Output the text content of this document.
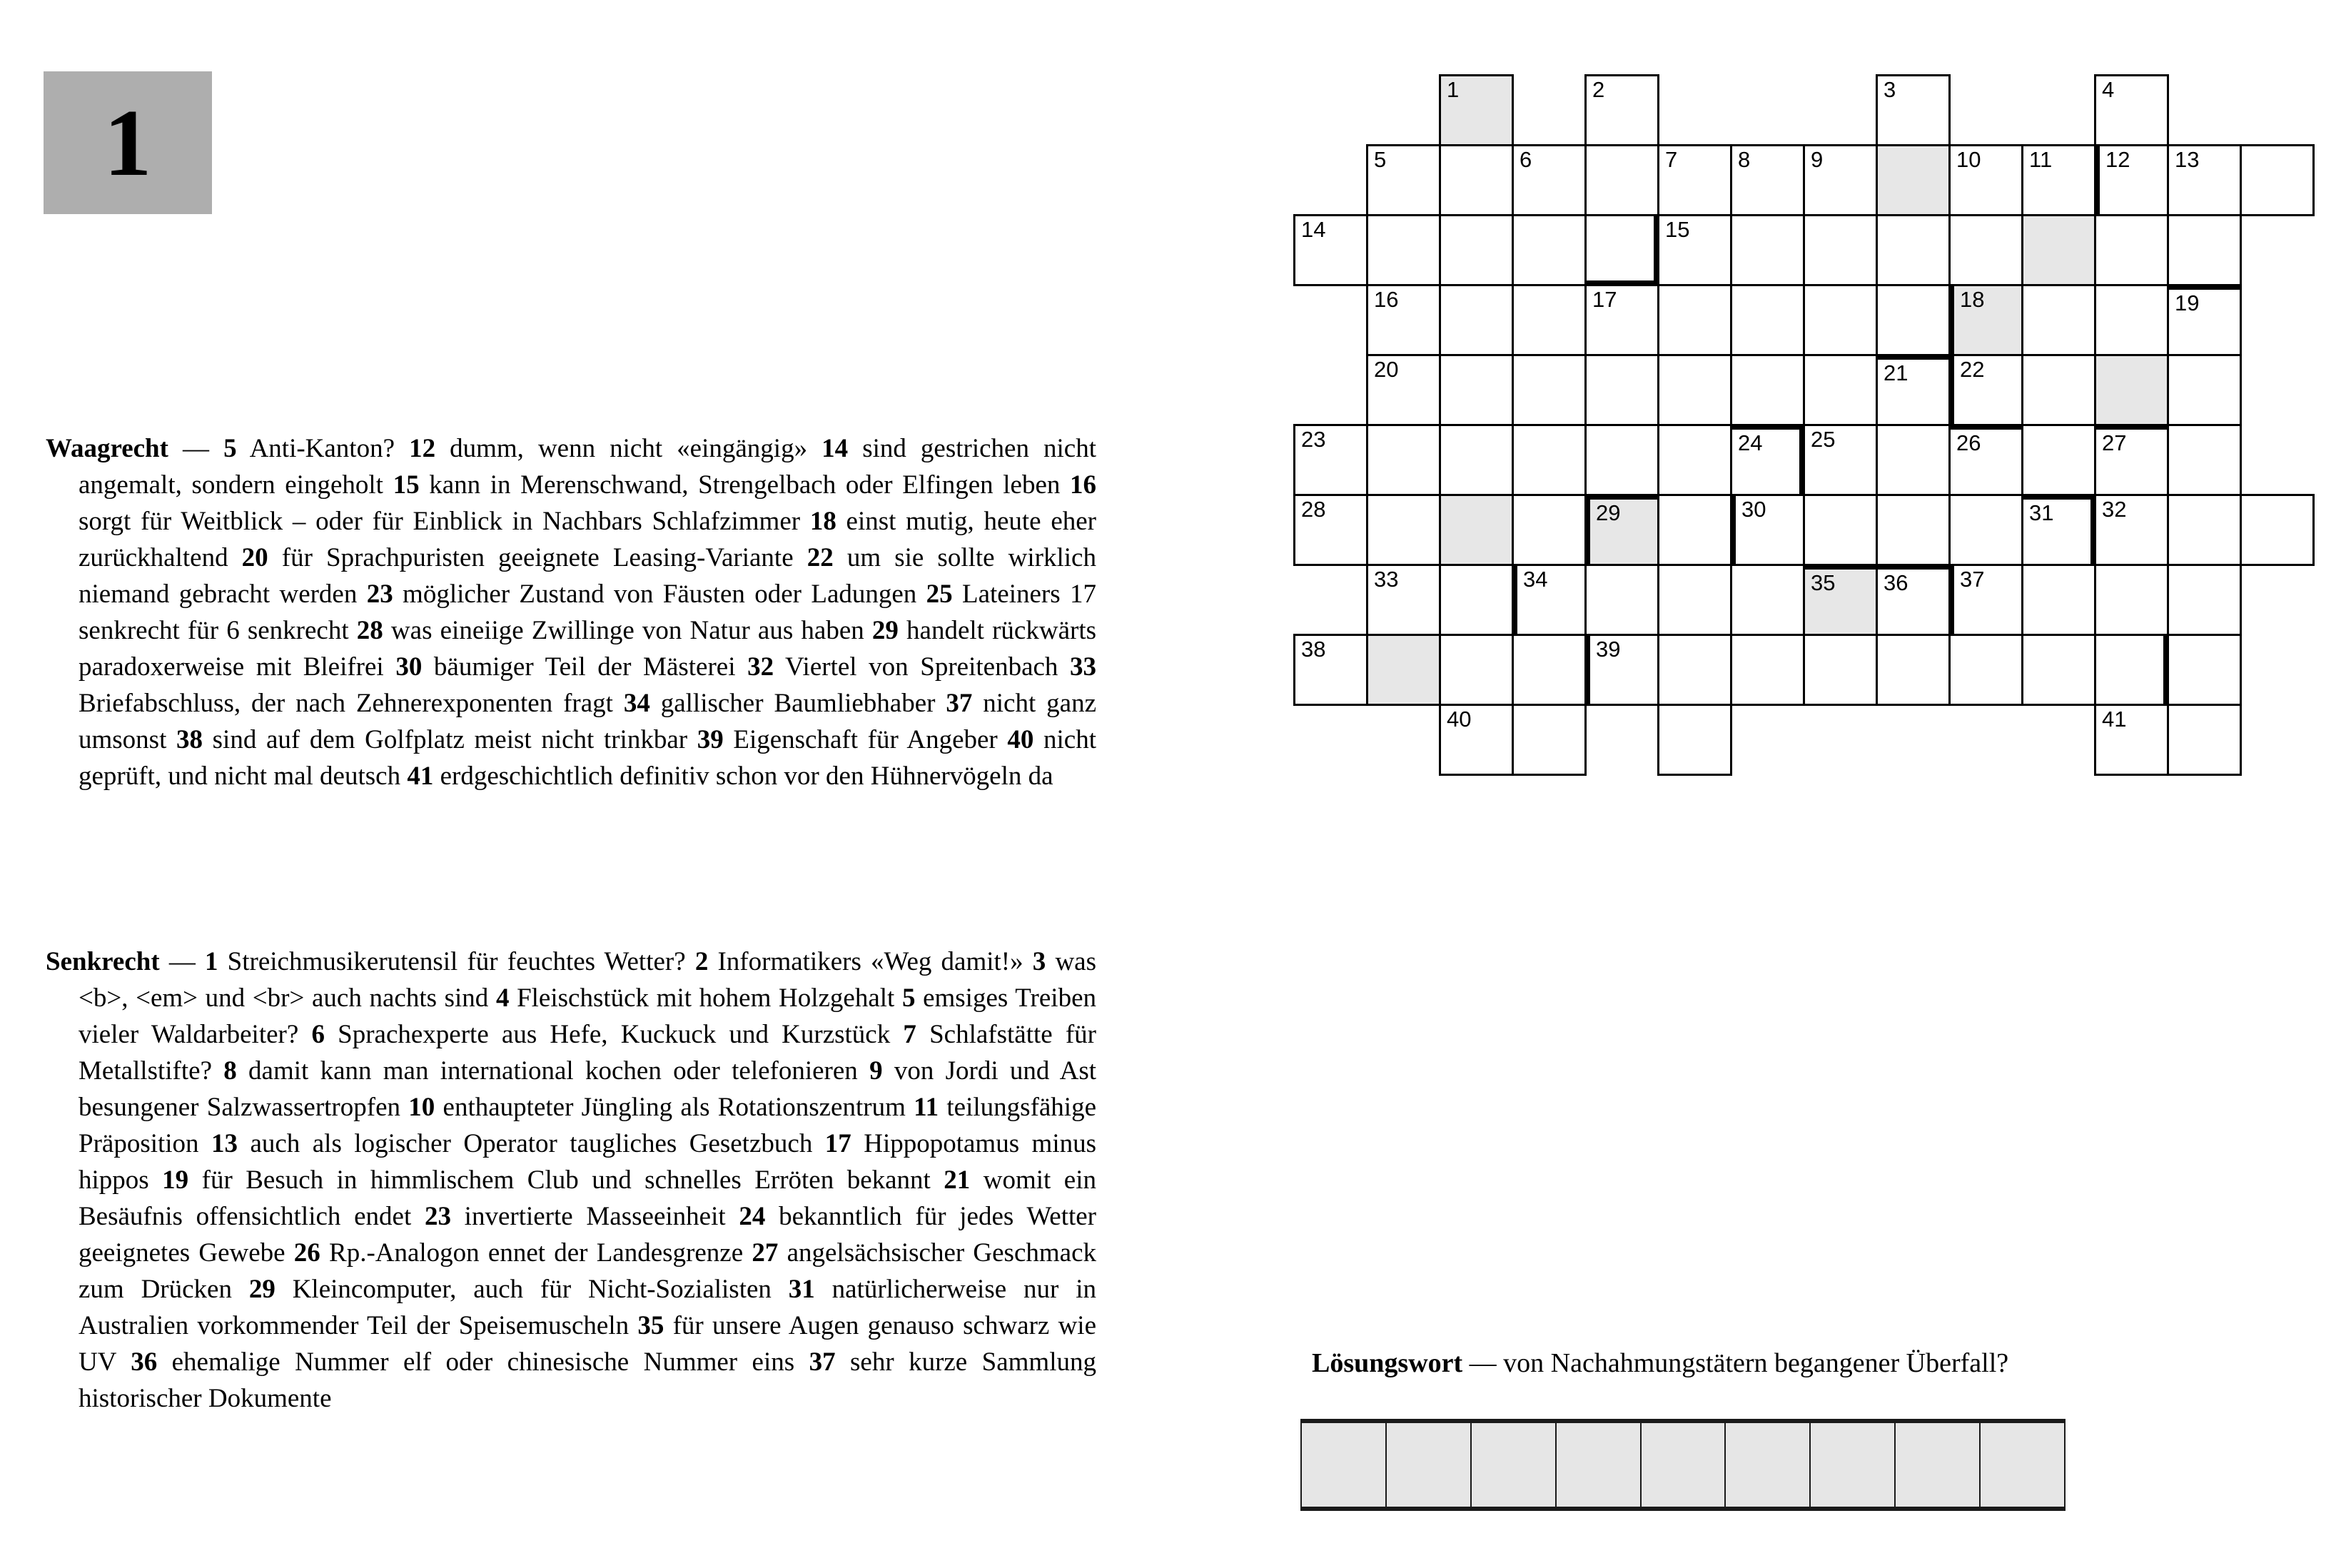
1
Waagrecht — 5 Anti-Kanton? 12 dumm, wenn nicht «eingängig» 14 sind gestrichen nicht angemalt, sondern eingeholt 15 kann in Merenschwand, Strengelbach oder Elfingen leben 16 sorgt für Weitblick – oder für Einblick in Nachbars Schlafzimmer 18 einst mutig, heute eher zurückhaltend 20 für Sprachpuristen geeignete Leasing-Variante 22 um sie sollte wirklich niemand gebracht werden 23 möglicher Zustand von Fäusten oder Ladungen 25 Lateiners 17 senkrecht für 6 senkrecht 28 was eineiige Zwillinge von Natur aus haben 29 handelt rückwärts paradoxerweise mit Bleifrei 30 bäumiger Teil der Mästerei 32 Viertel von Spreitenbach 33 Briefabschluss, der nach Zehnerexponenten fragt 34 gallischer Baumliebhaber 37 nicht ganz umsonst 38 sind auf dem Golfplatz meist nicht trinkbar 39 Eigenschaft für Angeber 40 nicht geprüft, und nicht mal deutsch 41 erdgeschichtlich definitiv schon vor den Hühnervögeln da
Senkrecht — 1 Streichmusikerutensil für feuchtes Wetter? 2 Informatikers «Weg damit!» 3 was <b>, <em> und <br> auch nachts sind 4 Fleischstück mit hohem Holzgehalt 5 emsiges Treiben vieler Waldarbeiter? 6 Sprachexperte aus Hefe, Kuckuck und Kurzstück 7 Schlafstätte für Metallstifte? 8 damit kann man international kochen oder telefonieren 9 von Jordi und Ast besungener Salzwassertropfen 10 enthaupteter Jüngling als Rotationszentrum 11 teilungsfähige Präposition 13 auch als logischer Operator taugliches Gesetzbuch 17 Hippopotamus minus hippos 19 für Besuch in himmlischem Club und schnelles Erröten bekannt 21 womit ein Besäufnis offensichtlich endet 23 invertierte Masseeinheit 24 bekanntlich für jedes Wetter geeignetes Gewebe 26 Rp.-Analogon ennet der Landesgrenze 27 angelsächsischer Geschmack zum Drücken 29 Kleincomputer, auch für Nicht-Sozialisten 31 natürlicherweise nur in Australien vorkommender Teil der Speisemuscheln 35 für unsere Augen genauso schwarz wie UV 36 ehemalige Nummer elf oder chinesische Nummer eins 37 sehr kurze Sammlung historischer Dokumente
1	2	3	4
5	6	7	8	9	10 11 12 13
14	15
16	17	18	19
20	21 22
23	24 25	26	27
28	29	30	31 32
33	34	35 36 37
38	39
40	41
Lösungswort — von Nachahmungstätern begangener Überfall?
